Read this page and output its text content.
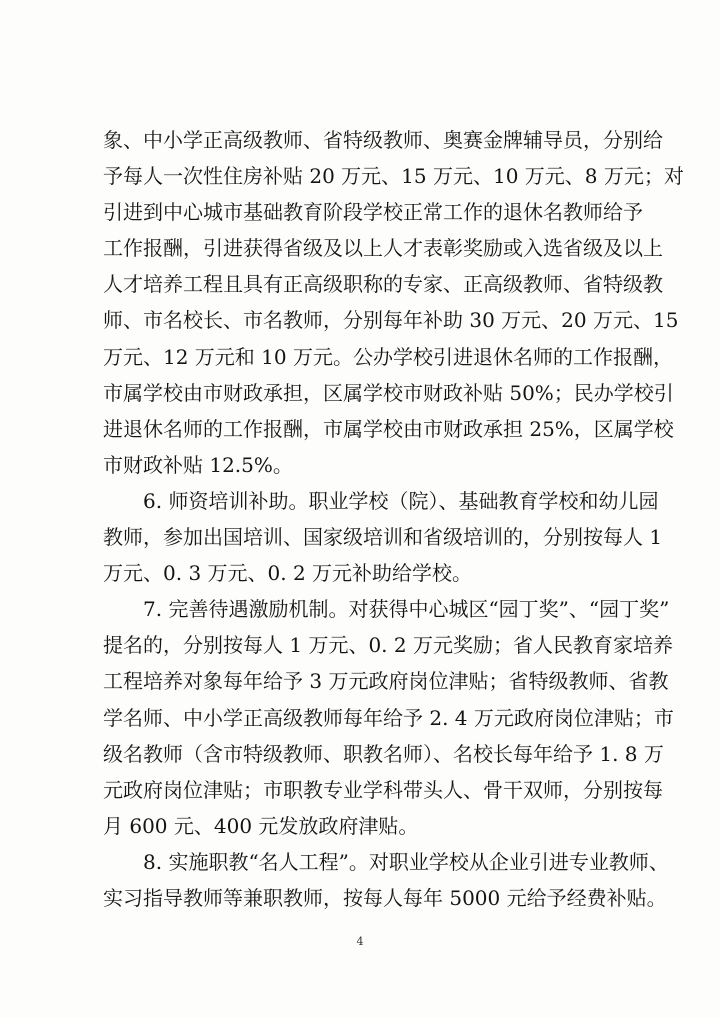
象、中小学正高级教师、省特级教师、奥赛金牌辅导员，分别给
予每人一次性住房补贴 20 万元、15 万元、10 万元、8 万元；对
引进到中心城市基础教育阶段学校正常工作的退休名教师给予
工作报酬，引进获得省级及以上人才表彰奖励或入选省级及以上
人才培养工程且具有正高级职称的专家、正高级教师、省特级教
师、市名校长、市名教师，分别每年补助 30 万元、20 万元、15
万元、12 万元和 10 万元。公办学校引进退休名师的工作报酬，
市属学校由市财政承担，区属学校市财政补贴 50%；民办学校引
进退休名师的工作报酬，市属学校由市财政承担 25%，区属学校
市财政补贴 12.5%。
6. 师资培训补助。职业学校（院）、基础教育学校和幼儿园
教师，参加出国培训、国家级培训和省级培训的，分别按每人 1
万元、0. 3 万元、0. 2 万元补助给学校。
7. 完善待遇激励机制。对获得中心城区“园丁奖”、“园丁奖”
提名的，分别按每人 1 万元、0. 2 万元奖励；省人民教育家培养
工程培养对象每年给予 3 万元政府岗位津贴；省特级教师、省教
学名师、中小学正高级教师每年给予 2. 4 万元政府岗位津贴；市
级名教师（含市特级教师、职教名师）、名校长每年给予 1. 8 万
元政府岗位津贴；市职教专业学科带头人、骨干双师，分别按每
月 600 元、400 元发放政府津贴。
8. 实施职教“名人工程”。对职业学校从企业引进专业教师、
实习指导教师等兼职教师，按每人每年 5000 元给予经费补贴。
4
